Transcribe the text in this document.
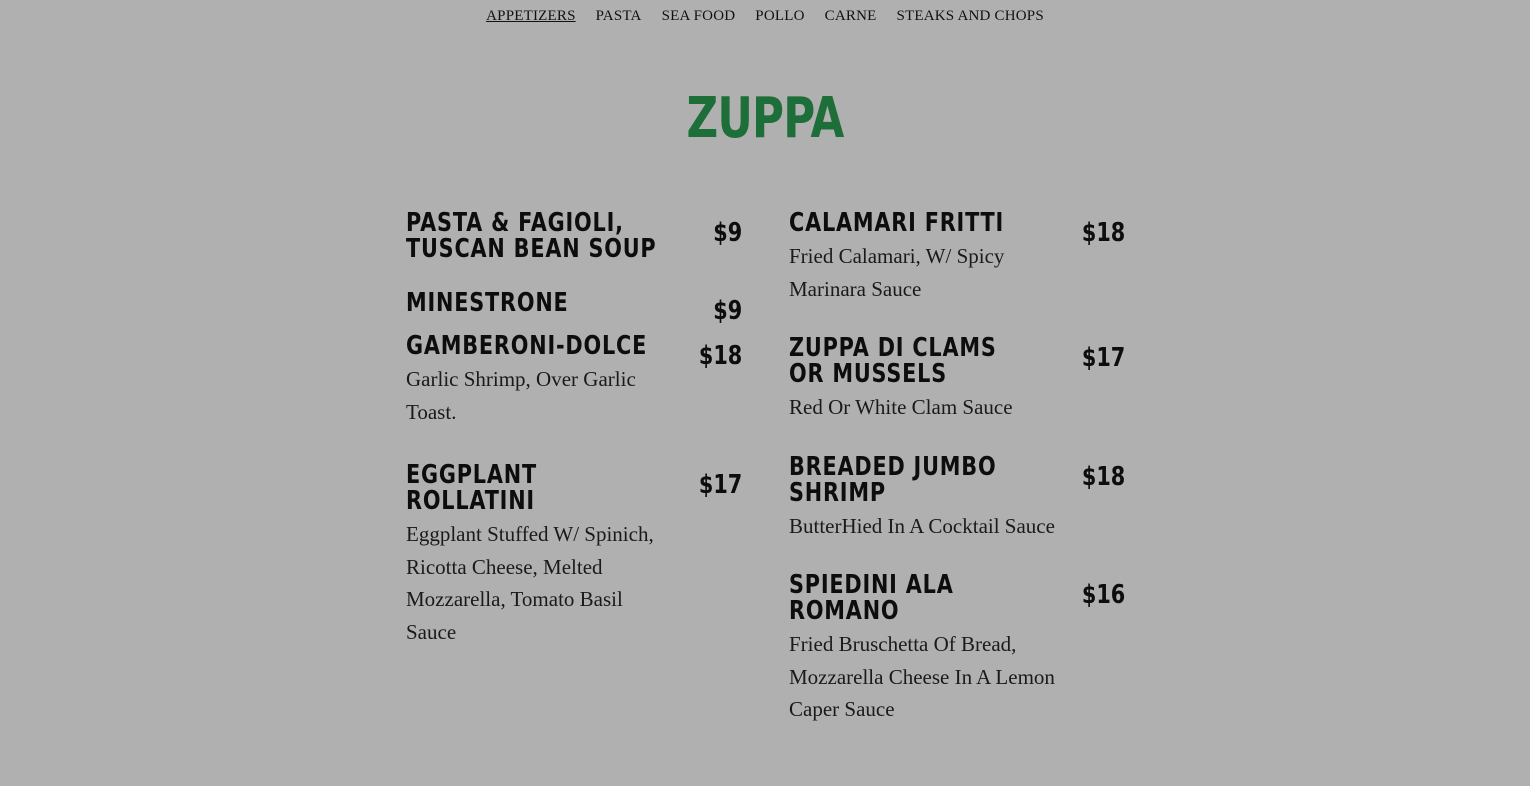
APPETIZERS	PASTA	SEA FOOD	POLLO	CARNE	STEAKS AND CHOPS
ZUPPA
PASTA & FAGIOLI, TUSCAN BEAN SOUP
$9
MINESTRONE	$9
GAMBERONI-DOLCE	$18
Garlic Shrimp, Over Garlic Toast.
EGGPLANT ROLLATINI
$17
Eggplant Stuffed W/ Spinich, Ricotta Cheese, Melted Mozzarella, Tomato Basil Sauce
CALAMARI FRITTI	$18
Fried Calamari, W/ Spicy Marinara Sauce
ZUPPA DI CLAMS OR MUSSELS
$17
Red Or White Clam Sauce
BREADED JUMBO SHRIMP
$18
ButterHied In A Cocktail Sauce
SPIEDINI ALA ROMANO
$16
Fried Bruschetta Of Bread, Mozzarella Cheese In A Lemon Caper Sauce
